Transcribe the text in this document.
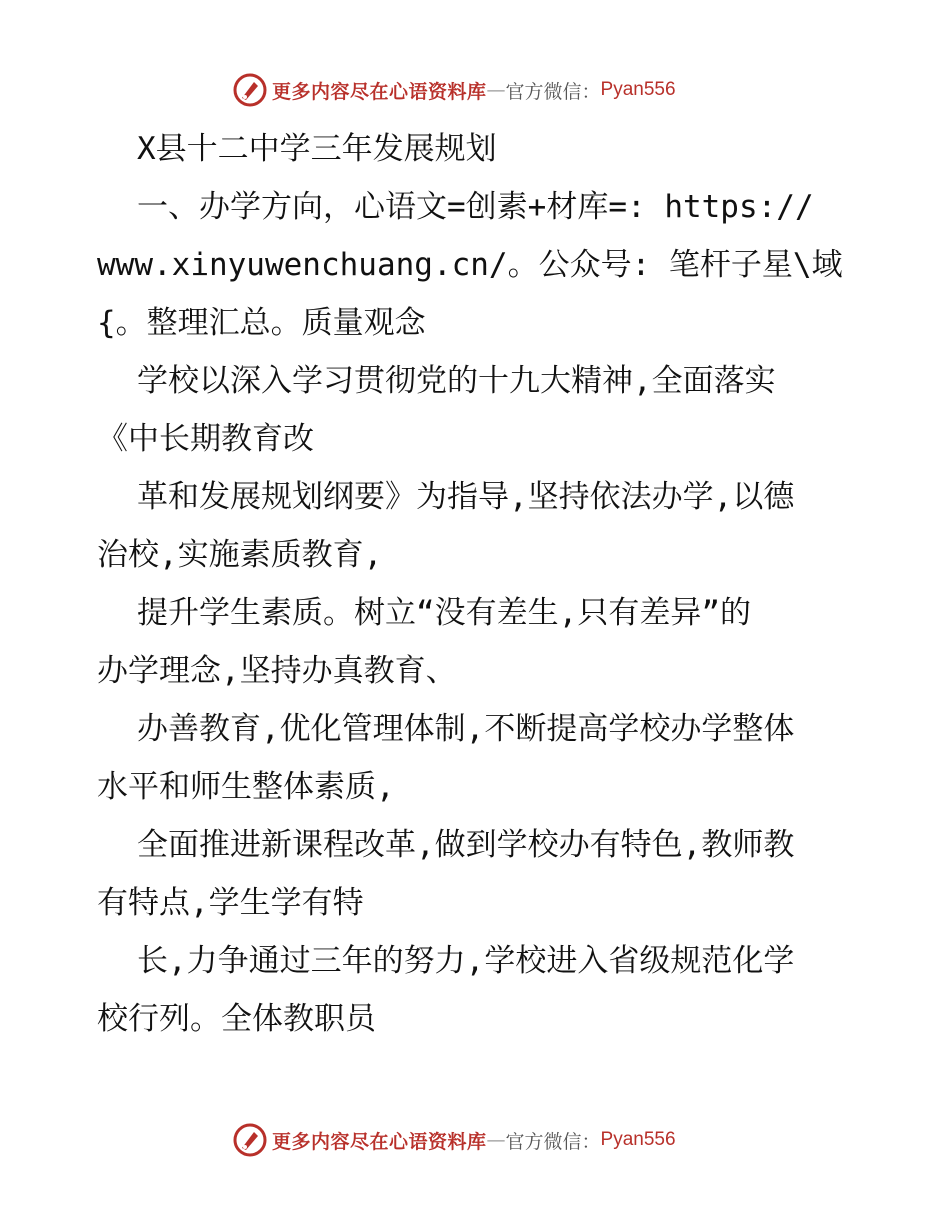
更多内容尽在心语资料库 — 官方微信： Pyan556
X县十二中学三年发展规划
一、办学方向，心语文=创素+材库=: https://
www.xinyuwenchuang.cn/。公众号: 笔杆子星\域
{。整理汇总。质量观念
学校以深入学习贯彻党的十九大精神,全面落实
《中长期教育改
革和发展规划纲要》为指导,坚持依法办学,以德
治校,实施素质教育,
提升学生素质。树立“没有差生,只有差异”的
办学理念,坚持办真教育、
办善教育,优化管理体制,不断提高学校办学整体
水平和师生整体素质,
全面推进新课程改革,做到学校办有特色,教师教
有特点,学生学有特
长,力争通过三年的努力,学校进入省级规范化学
校行列。全体教职员
更多内容尽在心语资料库 — 官方微信： Pyan556
